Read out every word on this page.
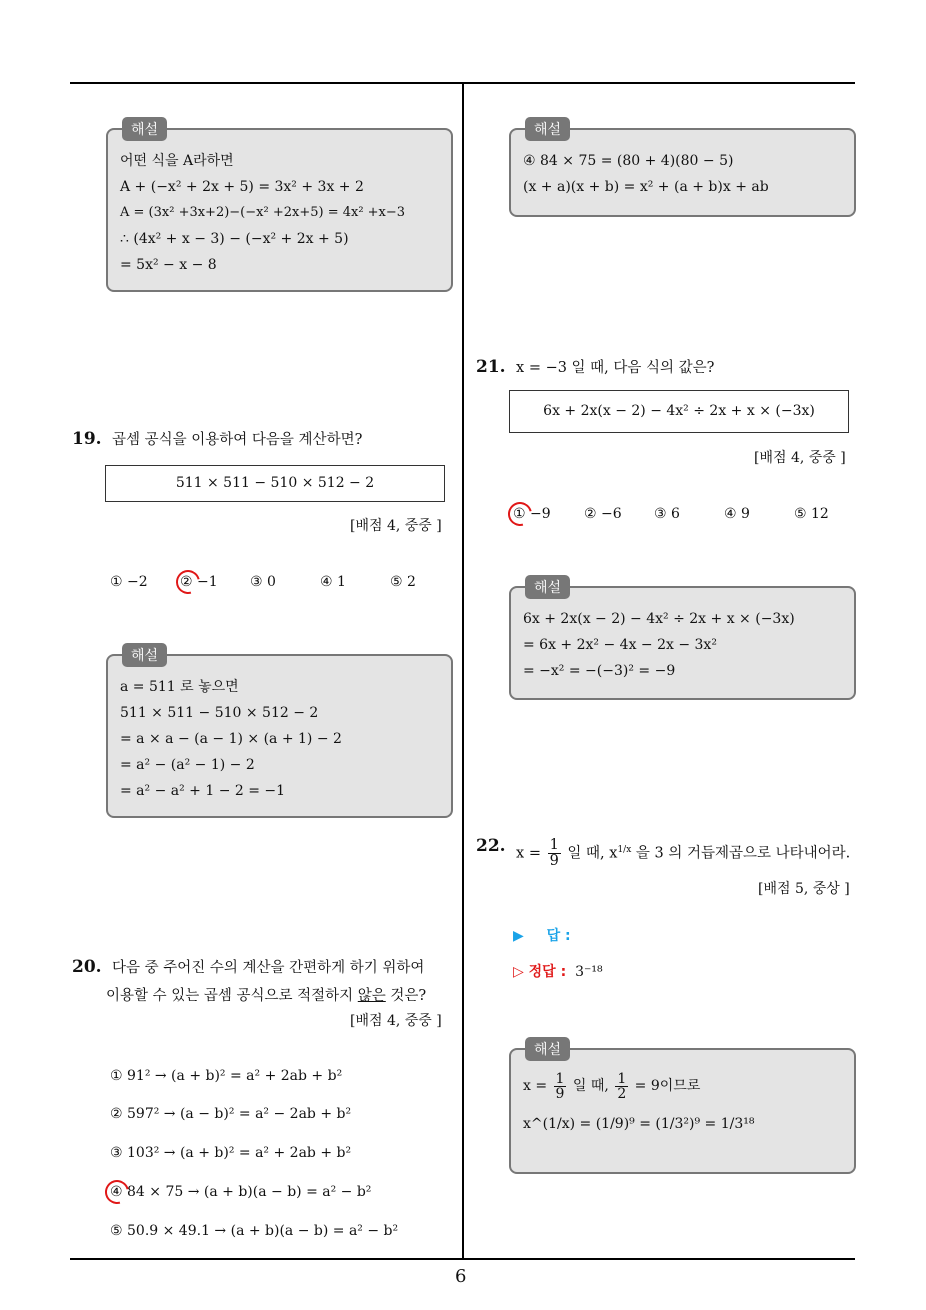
6
해설
어떤 식을 A라하면
A + (−x² + 2x + 5) = 3x² + 3x + 2
A = (3x² +3x+2)−(−x² +2x+5) = 4x² +x−3
∴ (4x² + x − 3) − (−x² + 2x + 5)
= 5x² − x − 8
19. 곱셈 공식을 이용하여 다음을 계산하면?
511 × 511 − 510 × 512 − 2
[배점 4, 중중 ]
① −2 ② −1 ③ 0	④ 1	⑤ 2
해설
a = 511 로 놓으면
511 × 511 − 510 × 512 − 2
= a × a − (a − 1) × (a + 1) − 2
= a² − (a² − 1) − 2
= a² − a² + 1 − 2 = −1
20. 다음 중 주어진 수의 계산을 간편하게 하기 위하여
이용할 수 있는 곱셈 공식으로 적절하지 않은 것은?
[배점 4, 중중 ]
① 91² → (a + b)² = a² + 2ab + b²
② 597² → (a − b)² = a² − 2ab + b²
③ 103² → (a + b)² = a² + 2ab + b²
④ 84 × 75 → (a + b)(a − b) = a² − b²
⑤ 50.9 × 49.1 → (a + b)(a − b) = a² − b²
해설
④ 84 × 75 = (80 + 4)(80 − 5)
(x + a)(x + b) = x² + (a + b)x + ab
21. x = −3 일 때, 다음 식의 값은?
6x + 2x(x − 2) − 4x² ÷ 2x + x × (−3x)
[배점 4, 중중 ]
① −9 ② −6 ③ 6	④ 9	⑤ 12
해설
6x + 2x(x − 2) − 4x² ÷ 2x + x × (−3x)
= 6x + 2x² − 4x − 2x − 3x²
= −x² = −(−3)² = −9
22. $x = \frac{1}{9}$ 일 때, $x^{1/x}$ 을 3 의 거듭제곱으로 나타내어라.
[배점 5, 중상 ]
▶ 답 :
▷ 정답 : 3⁻¹⁸
해설
$x = \frac{1}{9}$ 일 때, $\frac{1}{2} = 9$이므로
x^(1/x) = (1/9)⁹ = (1/3²)⁹ = 1/3¹⁸
